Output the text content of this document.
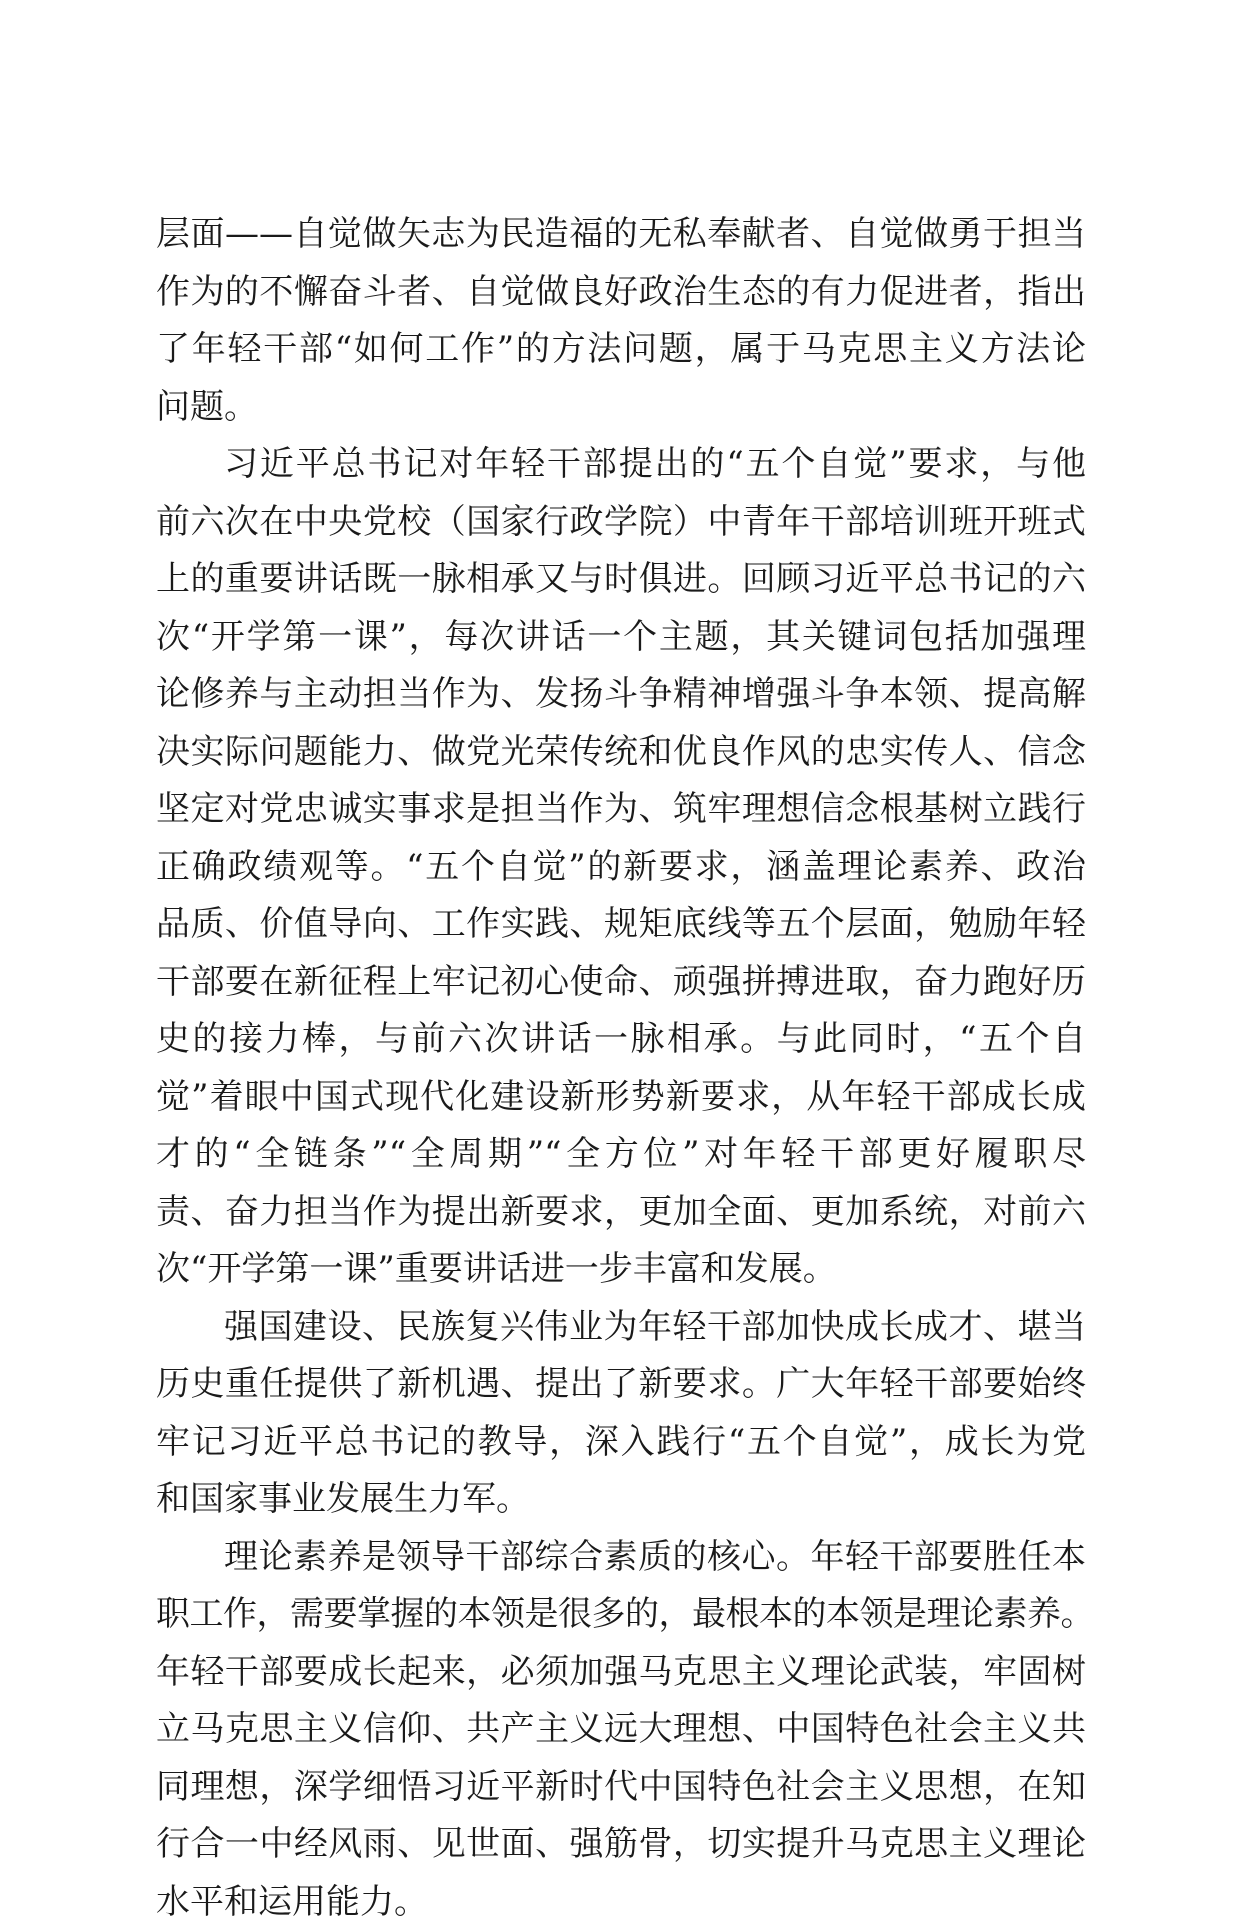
层面——自觉做矢志为民造福的无私奉献者、自觉做勇于担当
作为的不懈奋斗者、自觉做良好政治生态的有力促进者，指出
了年轻干部“如何工作”的方法问题，属于马克思主义方法论
问题。
习近平总书记对年轻干部提出的“五个自觉”要求，与他
前六次在中央党校（国家行政学院）中青年干部培训班开班式
上的重要讲话既一脉相承又与时俱进。回顾习近平总书记的六
次“开学第一课”，每次讲话一个主题，其关键词包括加强理
论修养与主动担当作为、发扬斗争精神增强斗争本领、提高解
决实际问题能力、做党光荣传统和优良作风的忠实传人、信念
坚定对党忠诚实事求是担当作为、筑牢理想信念根基树立践行
正确政绩观等。“五个自觉”的新要求，涵盖理论素养、政治
品质、价值导向、工作实践、规矩底线等五个层面，勉励年轻
干部要在新征程上牢记初心使命、顽强拼搏进取，奋力跑好历
史的接力棒，与前六次讲话一脉相承。与此同时，“五个自
觉”着眼中国式现代化建设新形势新要求，从年轻干部成长成
才的“全链条”“全周期”“全方位”对年轻干部更好履职尽
责、奋力担当作为提出新要求，更加全面、更加系统，对前六
次“开学第一课”重要讲话进一步丰富和发展。
强国建设、民族复兴伟业为年轻干部加快成长成才、堪当
历史重任提供了新机遇、提出了新要求。广大年轻干部要始终
牢记习近平总书记的教导，深入践行“五个自觉”，成长为党
和国家事业发展生力军。
理论素养是领导干部综合素质的核心。年轻干部要胜任本
职工作，需要掌握的本领是很多的，最根本的本领是理论素养。
年轻干部要成长起来，必须加强马克思主义理论武装，牢固树
立马克思主义信仰、共产主义远大理想、中国特色社会主义共
同理想，深学细悟习近平新时代中国特色社会主义思想，在知
行合一中经风雨、见世面、强筋骨，切实提升马克思主义理论
水平和运用能力。
